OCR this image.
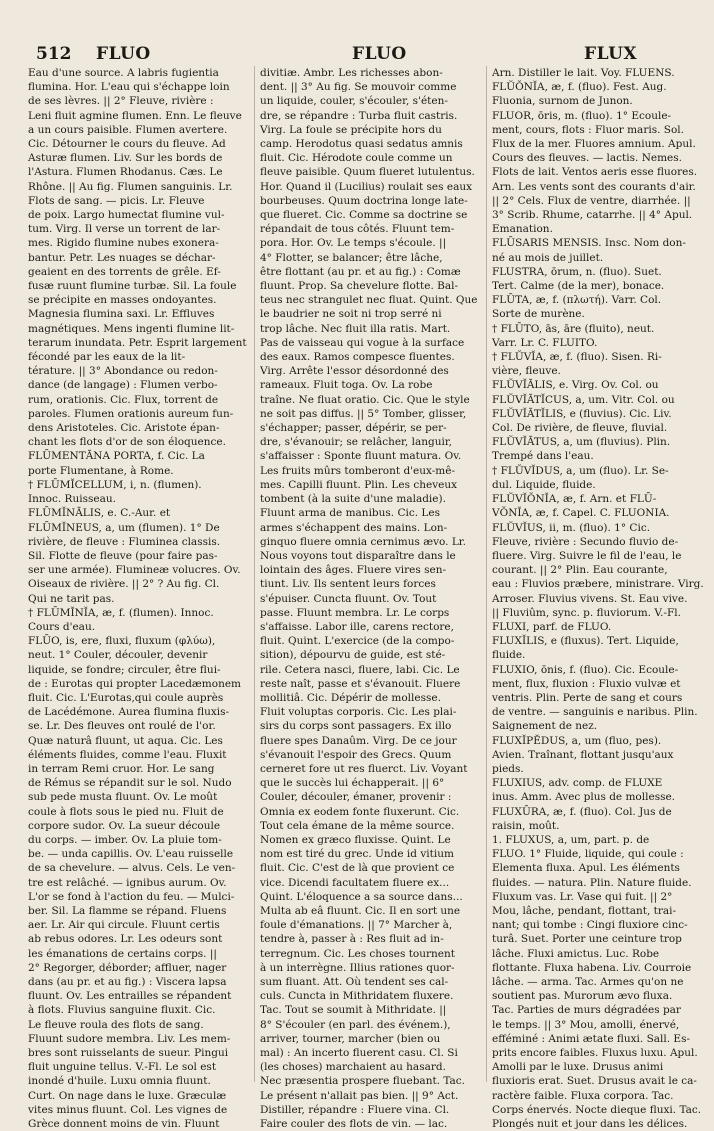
512 FLUO	FLUO	FLUX
Eau d'une source. A labris fugientia
flumina. Hor. L'eau qui s'échappe loin
de ses lèvres. || 2° Fleuve, rivière :
Leni fluit agmine flumen. Enn. Le fleuve
a un cours paisible. Flumen avertere.
Cic. Détourner le cours du fleuve. Ad
Asturæ flumen. Liv. Sur les bords de
l'Astura. Flumen Rhodanus. Cæs. Le
Rhône. || Au fig. Flumen sanguinis. Lr.
Flots de sang. — picis. Lr. Fleuve
de poix. Largo humectat flumine vul-
tum. Virg. Il verse un torrent de lar-
mes. Rigido flumine nubes exonera-
bantur. Petr. Les nuages se déchar-
geaient en des torrents de grêle. Ef-
fusæ ruunt flumine turbæ. Sil. La foule
se précipite en masses ondoyantes.
Magnesia flumina saxi. Lr. Effluves
magnétiques. Mens ingenti flumine lit-
terarum inundata. Petr. Esprit largement
fécondé par les eaux de la lit-
térature. || 3° Abondance ou redon-
dance (de langage) : Flumen verbo-
rum, orationis. Cic. Flux, torrent de
paroles. Flumen orationis aureum fun-
dens Aristoteles. Cic. Aristote épan-
chant les flots d'or de son éloquence.
FLŪMENTĀNA PORTA, f. Cic. La
porte Flumentane, à Rome.
† FLŪMĬCELLUM, i, n. (flumen).
Innoc. Ruisseau.
FLŪMĬNĀLIS, e. C.-Aur. et
FLŪMĬNEUS, a, um (flumen). 1° De
rivière, de fleuve : Fluminea classis.
Sil. Flotte de fleuve (pour faire pas-
ser une armée). Flumineæ volucres. Ov.
Oiseaux de rivière. || 2° ? Au fig. Cl.
Qui ne tarit pas.
† FLŪMĬNĬA, æ, f. (flumen). Innoc.
Cours d'eau.
FLŪO, is, ere, fluxi, fluxum (φλύω),
neut. 1° Couler, découler, devenir
liquide, se fondre; circuler, être flui-
de : Eurotas qui propter Lacedæmonem
fluit. Cic. L'Eurotas,qui coule auprès
de Lacédémone. Aurea flumina fluxis-
se. Lr. Des fleuves ont roulé de l'or.
Quæ naturâ fluunt, ut aqua. Cic. Les
éléments fluides, comme l'eau. Fluxit
in terram Remi cruor. Hor. Le sang
de Rémus se répandit sur le sol. Nudo
sub pede musta fluunt. Ov. Le moût
coule à flots sous le pied nu. Fluit de
corpore sudor. Ov. La sueur découle
du corps. — imber. Ov. La pluie tom-
be. — unda capillis. Ov. L'eau ruisselle
de sa chevelure. — alvus. Cels. Le ven-
tre est relâché. — ignibus aurum. Ov.
L'or se fond à l'action du feu. — Mulci-
ber. Sil. La flamme se répand. Fluens
aer. Lr. Air qui circule. Fluunt certis
ab rebus odores. Lr. Les odeurs sont
les émanations de certains corps. ||
2° Regorger, déborder; affluer, nager
dans (au pr. et au fig.) : Viscera lapsa
fluunt. Ov. Les entrailles se répandent
à flots. Fluvius sanguine fluxit. Cic.
Le fleuve roula des flots de sang.
Fluunt sudore membra. Liv. Les mem-
bres sont ruisselants de sueur. Pingui
fluit unguine tellus. V.-Fl. Le sol est
inondé d'huile. Luxu omnia fluunt.
Curt. On nage dans le luxe. Græculæ
vites minus fluunt. Col. Les vignes de
Grèce donnent moins de vin. Fluunt
divitiæ. Ambr. Les richesses abon-
dent. || 3° Au fig. Se mouvoir comme
un liquide, couler, s'écouler, s'éten-
dre, se répandre : Turba fluit castris.
Virg. La foule se précipite hors du
camp. Herodotus quasi sedatus amnis
fluit. Cic. Hérodote coule comme un
fleuve paisible. Quum flueret lutulentus.
Hor. Quand il (Lucilius) roulait ses eaux
bourbeuses. Quum doctrina longe late-
que flueret. Cic. Comme sa doctrine se
répandait de tous côtés. Fluunt tem-
pora. Hor. Ov. Le temps s'écoule. ||
4° Flotter, se balancer; être lâche,
être flottant (au pr. et au fig.) : Comæ
fluunt. Prop. Sa chevelure flotte. Bal-
teus nec strangulet nec fluat. Quint. Que
le baudrier ne soit ni trop serré ni
trop lâche. Nec fluit illa ratis. Mart.
Pas de vaisseau qui vogue à la surface
des eaux. Ramos compesce fluentes.
Virg. Arrête l'essor désordonné des
rameaux. Fluit toga. Ov. La robe
traîne. Ne fluat oratio. Cic. Que le style
ne soit pas diffus. || 5° Tomber, glisser,
s'échapper; passer, dépérir, se per-
dre, s'évanouir; se relâcher, languir,
s'affaisser : Sponte fluunt matura. Ov.
Les fruits mûrs tomberont d'eux-mê-
mes. Capilli fluunt. Plin. Les cheveux
tombent (à la suite d'une maladie).
Fluunt arma de manibus. Cic. Les
armes s'échappent des mains. Lon-
ginquo fluere omnia cernimus ævo. Lr.
Nous voyons tout disparaître dans le
lointain des âges. Fluere vires sen-
tiunt. Liv. Ils sentent leurs forces
s'épuiser. Cuncta fluunt. Ov. Tout
passe. Fluunt membra. Lr. Le corps
s'affaisse. Labor ille, carens rectore,
fluit. Quint. L'exercice (de la compo-
sition), dépourvu de guide, est sté-
rile. Cetera nasci, fluere, labi. Cic. Le
reste naît, passe et s'évanouit. Fluere
mollitiâ. Cic. Dépérir de mollesse.
Fluit voluptas corporis. Cic. Les plai-
sirs du corps sont passagers. Ex illo
fluere spes Danaûm. Virg. De ce jour
s'évanouit l'espoir des Grecs. Quum
cerneret fore ut res fluerct. Liv. Voyant
que le succès lui échapperait. || 6°
Couler, découler, émaner, provenir :
Omnia ex eodem fonte fluxerunt. Cic.
Tout cela émane de la même source.
Nomen ex græco fluxisse. Quint. Le
nom est tiré du grec. Unde id vitium
fluit. Cic. C'est de là que provient ce
vice. Dicendi facultatem fluere ex...
Quint. L'éloquence a sa source dans...
Multa ab eâ fluunt. Cic. Il en sort une
foule d'émanations. || 7° Marcher à,
tendre à, passer à : Res fluit ad in-
terregnum. Cic. Les choses tournent
à un interrègne. Illius rationes quor-
sum fluant. Att. Où tendent ses cal-
culs. Cuncta in Mithridatem fluxere.
Tac. Tout se soumit à Mithridate. ||
8° S'écouler (en parl. des événem.),
arriver, tourner, marcher (bien ou
mal) : An incerto fluerent casu. Cl. Si
(les choses) marchaient au hasard.
Nec præsentia prospere fluebant. Tac.
Le présent n'allait pas bien. || 9° Act.
Distiller, répandre : Fluere vina. Cl.
Faire couler des flots de vin. — lac.
Arn. Distiller le lait. Voy. FLUENS.
FLŬŎNĬA, æ, f. (fluo). Fest. Aug.
Fluonia, surnom de Junon.
FLUOR, ōris, m. (fluo). 1° Ecoule-
ment, cours, flots : Fluor maris. Sol.
Flux de la mer. Fluores amnium. Apul.
Cours des fleuves. — lactis. Nemes.
Flots de lait. Ventos aeris esse fluores.
Arn. Les vents sont des courants d'air.
|| 2° Cels. Flux de ventre, diarrhée. ||
3° Scrib. Rhume, catarrhe. || 4° Apul.
Emanation.
FLŪSARIS MENSIS. Insc. Nom don-
né au mois de juillet.
FLUSTRA, ōrum, n. (fluo). Suet.
Tert. Calme (de la mer), bonace.
FLŪTA, æ, f. (πλωτή). Varr. Col.
Sorte de murène.
† FLŪTO, ās, āre (fluito), neut.
Varr. Lr. C. FLUITO.
† FLŬVĬA, æ, f. (fluo). Sisen. Ri-
vière, fleuve.
FLŬVĬĀLIS, e. Virg. Ov. Col. ou
FLŬVĬĀTĬCUS, a, um. Vitr. Col. ou
FLŬVĬĀTĬLIS, e (fluvius). Cic. Liv.
Col. De rivière, de fleuve, fluvial.
FLŬVĬĀTUS, a, um (fluvius). Plin.
Trempé dans l'eau.
† FLŬVĬDUS, a, um (fluo). Lr. Se-
dul. Liquide, fluide.
FLŬVĬŎNĬA, æ, f. Arn. et FLŪ-
VŎNĬA, æ, f. Capel. C. FLUONIA.
FLŬVĬUS, ii, m. (fluo). 1° Cic.
Fleuve, rivière : Secundo fluvio de-
fluere. Virg. Suivre le fil de l'eau, le
courant. || 2° Plin. Eau courante,
eau : Fluvios præbere, ministrare. Virg.
Arroser. Fluvius vivens. St. Eau vive.
|| Fluviûm, sync. p. fluviorum. V.-Fl.
FLUXI, parf. de FLUO.
FLUXĬLIS, e (fluxus). Tert. Liquide,
fluide.
FLUXIO, ōnis, f. (fluo). Cic. Ecoule-
ment, flux, fluxion : Fluxio vulvæ et
ventris. Plin. Perte de sang et cours
de ventre. — sanguinis e naribus. Plin.
Saignement de nez.
FLUXĬPĔDUS, a, um (fluo, pes).
Avien. Traînant, flottant jusqu'aux
pieds.
FLUXIUS, adv. comp. de FLUXE
inus. Amm. Avec plus de mollesse.
FLUXŪRA, æ, f. (fluo). Col. Jus de
raisin, moût.
1. FLUXUS, a, um, part. p. de
FLUO. 1° Fluide, liquide, qui coule :
Elementa fluxa. Apul. Les éléments
fluides. — natura. Plin. Nature fluide.
Fluxum vas. Lr. Vase qui fuit. || 2°
Mou, lâche, pendant, flottant, trai-
nant; qui tombe : Cingi fluxiore cinc-
turâ. Suet. Porter une ceinture trop
lâche. Fluxi amictus. Luc. Robe
flottante. Fluxa habena. Liv. Courroie
lâche. — arma. Tac. Armes qu'on ne
soutient pas. Murorum ævo fluxa.
Tac. Parties de murs dégradées par
le temps. || 3° Mou, amolli, énervé,
efféminé : Animi ætate fluxi. Sall. Es-
prits encore faibles. Fluxus luxu. Apul.
Amolli par le luxe. Drusus animi
fluxioris erat. Suet. Drusus avait le ca-
ractère faible. Fluxa corpora. Tac.
Corps énervés. Nocte dieque fluxi. Tac.
Plongés nuit et jour dans les délices.
